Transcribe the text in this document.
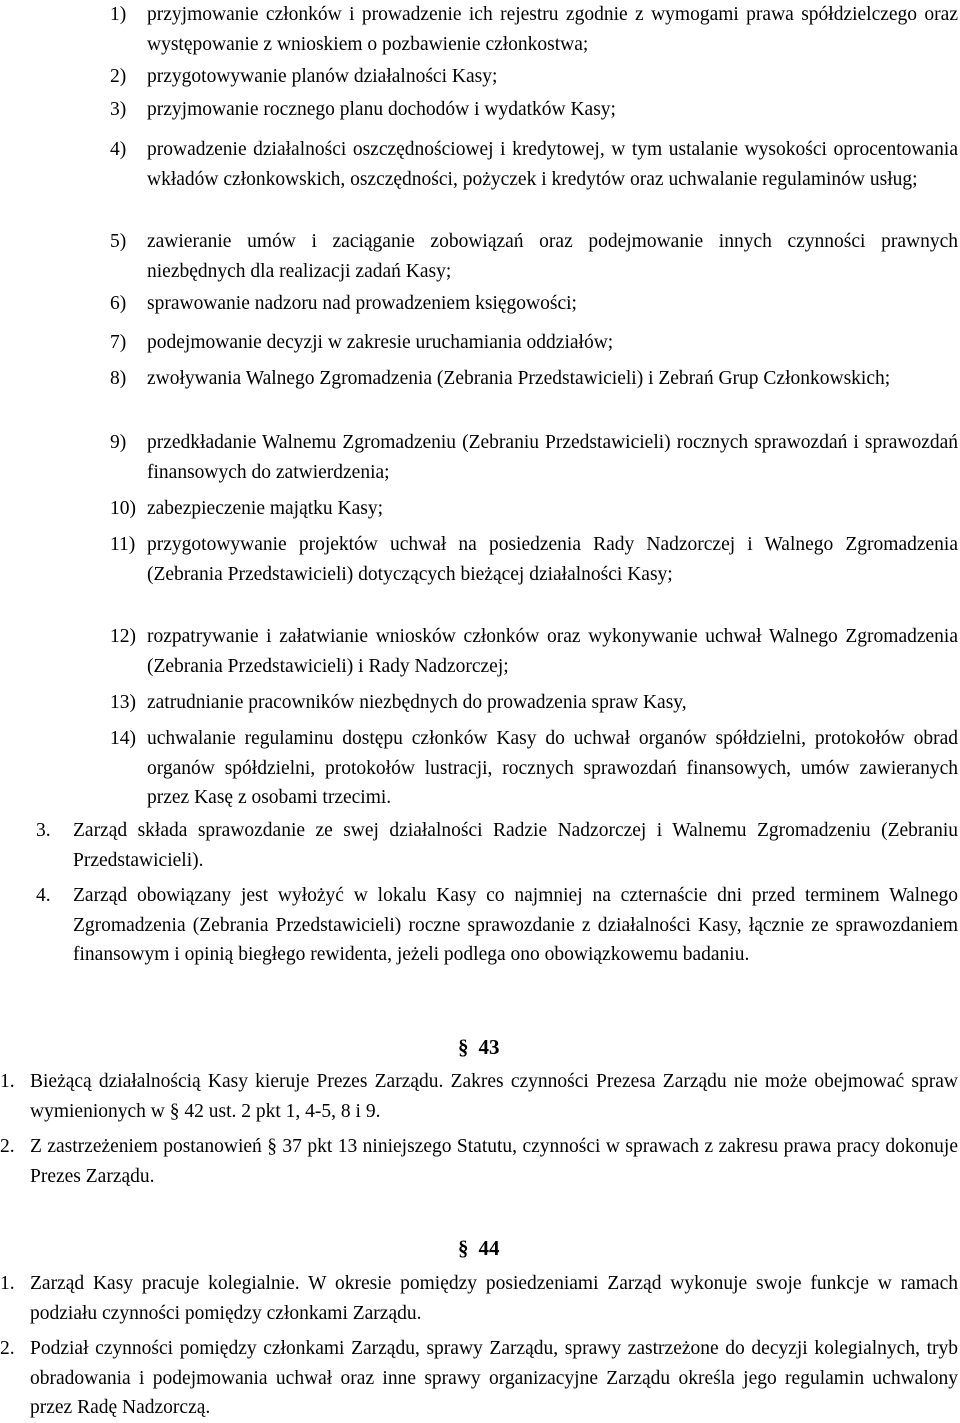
1) przyjmowanie członków i prowadzenie ich rejestru zgodnie z wymogami prawa spółdzielczego oraz występowanie z wnioskiem o pozbawienie członkostwa;
2) przygotowywanie planów działalności Kasy;
3) przyjmowanie rocznego planu dochodów i wydatków Kasy;
4) prowadzenie działalności oszczędnościowej i kredytowej, w tym ustalanie wysokości oprocentowania wkładów członkowskich, oszczędności, pożyczek i kredytów oraz uchwalanie regulaminów usług;
5) zawieranie umów i zaciąganie zobowiązań oraz podejmowanie innych czynności prawnych niezbędnych dla realizacji zadań Kasy;
6) sprawowanie nadzoru nad prowadzeniem księgowości;
7) podejmowanie decyzji w zakresie uruchamiania oddziałów;
8) zwoływania Walnego Zgromadzenia (Zebrania Przedstawicieli) i Zebrań Grup Członkowskich;
9) przedkładanie Walnemu Zgromadzeniu (Zebraniu Przedstawicieli) rocznych sprawozdań i sprawozdań finansowych do zatwierdzenia;
10) zabezpieczenie majątku Kasy;
11) przygotowywanie projektów uchwał na posiedzenia Rady Nadzorczej i Walnego Zgromadzenia (Zebrania Przedstawicieli) dotyczących bieżącej działalności Kasy;
12) rozpatrywanie i załatwianie wniosków członków oraz wykonywanie uchwał Walnego Zgromadzenia (Zebrania Przedstawicieli) i Rady Nadzorczej;
13) zatrudnianie pracowników niezbędnych do prowadzenia spraw Kasy,
14) uchwalanie regulaminu dostępu członków Kasy do uchwał organów spółdzielni, protokołów obrad organów spółdzielni, protokołów lustracji, rocznych sprawozdań finansowych, umów zawieranych przez Kasę z osobami trzecimi.
3. Zarząd składa sprawozdanie ze swej działalności Radzie Nadzorczej i Walnemu Zgromadzeniu (Zebraniu Przedstawicieli).
4. Zarząd obowiązany jest wyłożyć w lokalu Kasy co najmniej na czternaście dni przed terminem Walnego Zgromadzenia (Zebrania Przedstawicieli) roczne sprawozdanie z działalności Kasy, łącznie ze sprawozdaniem finansowym i opinią biegłego rewidenta, jeżeli podlega ono obowiązkowemu badaniu.
§ 43
1. Bieżącą działalnością Kasy kieruje Prezes Zarządu. Zakres czynności Prezesa Zarządu nie może obejmować spraw wymienionych w § 42 ust. 2 pkt 1, 4-5, 8 i 9.
2. Z zastrzeżeniem postanowień § 37 pkt 13 niniejszego Statutu, czynności w sprawach z zakresu prawa pracy dokonuje Prezes Zarządu.
§ 44
1. Zarząd Kasy pracuje kolegialnie. W okresie pomiędzy posiedzeniami Zarząd wykonuje swoje funkcje w ramach podziału czynności pomiędzy członkami Zarządu.
2. Podział czynności pomiędzy członkami Zarządu, sprawy Zarządu, sprawy zastrzeżone do decyzji kolegialnych, tryb obradowania i podejmowania uchwał oraz inne sprawy organizacyjne Zarządu określa jego regulamin uchwalony przez Radę Nadzorczą.
